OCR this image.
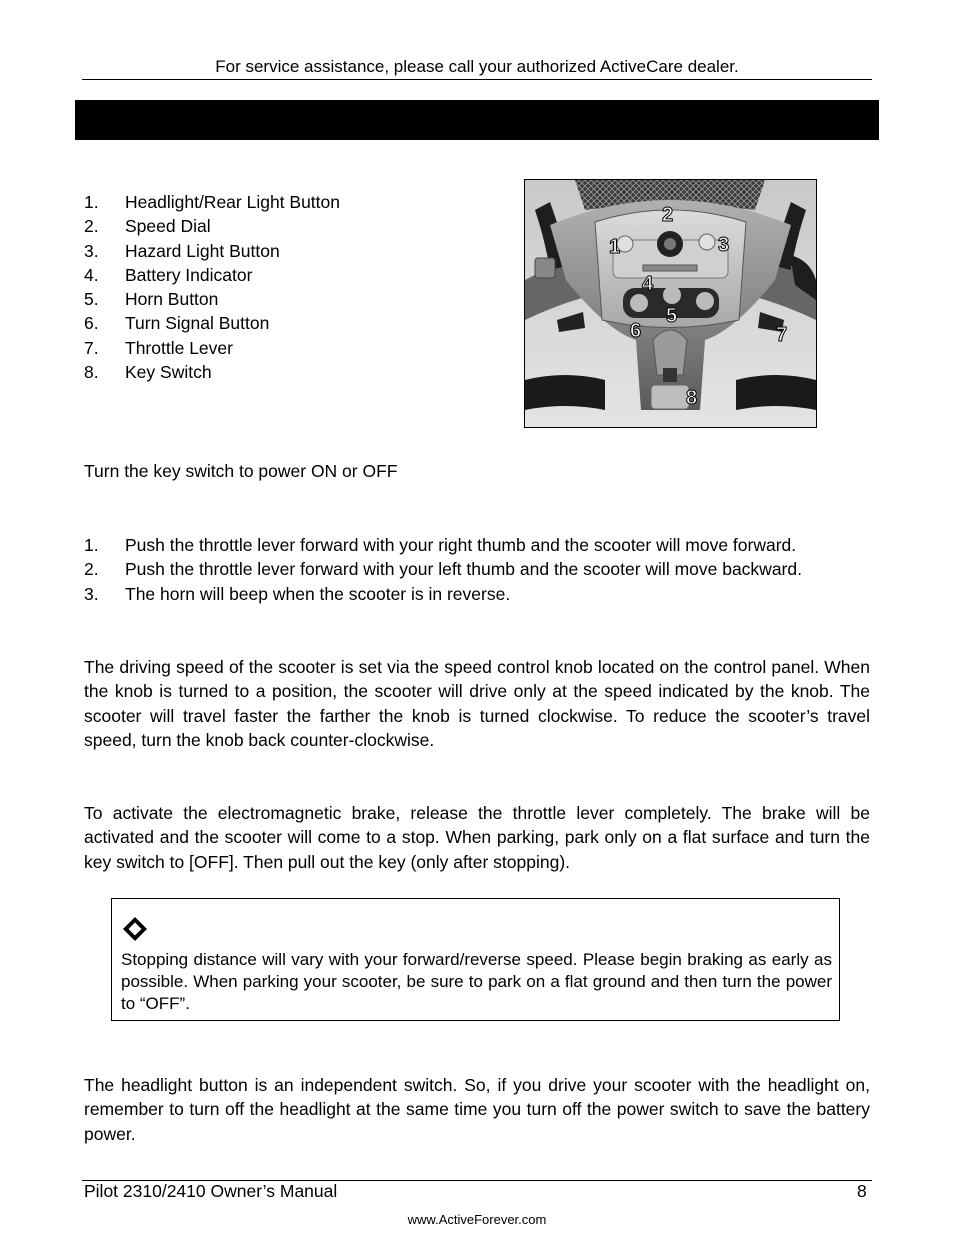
For service assistance, please call your authorized ActiveCare dealer.
1.	Headlight/Rear Light Button
2.	Speed Dial
3.	Hazard Light Button
4.	Battery Indicator
5.	Horn Button
6.	Turn Signal Button
7.	Throttle Lever
8.	Key Switch
1
2
3
4
5
6	7
8

Turn the key switch to power ON or OFF

1.	Push the throttle lever forward with your right thumb and the scooter will move forward.
2.	Push the throttle lever forward with your left thumb and the scooter will move backward.
3.	The horn will beep when the scooter is in reverse.

The driving speed of the scooter is set via the speed control knob located on the control panel. When the knob is turned to a position, the scooter will drive only at the speed indicated by the knob. The scooter will travel faster the farther the knob is turned clockwise. To reduce the scooter’s travel speed, turn the knob back counter-clockwise.

To activate the electromagnetic brake, release the throttle lever completely. The brake will be activated and the scooter will come to a stop. When parking, park only on a flat surface and turn the key switch to [OFF]. Then pull out the key (only after stopping).

Stopping distance will vary with your forward/reverse speed. Please begin braking as early as possible. When parking your scooter, be sure to park on a flat ground and then turn the power to “OFF”.

The headlight button is an independent switch. So, if you drive your scooter with the headlight on, remember to turn off the headlight at the same time you turn off the power switch to save the battery power.

Pilot 2310/2410 Owner’s Manual	8
www.ActiveForever.com
